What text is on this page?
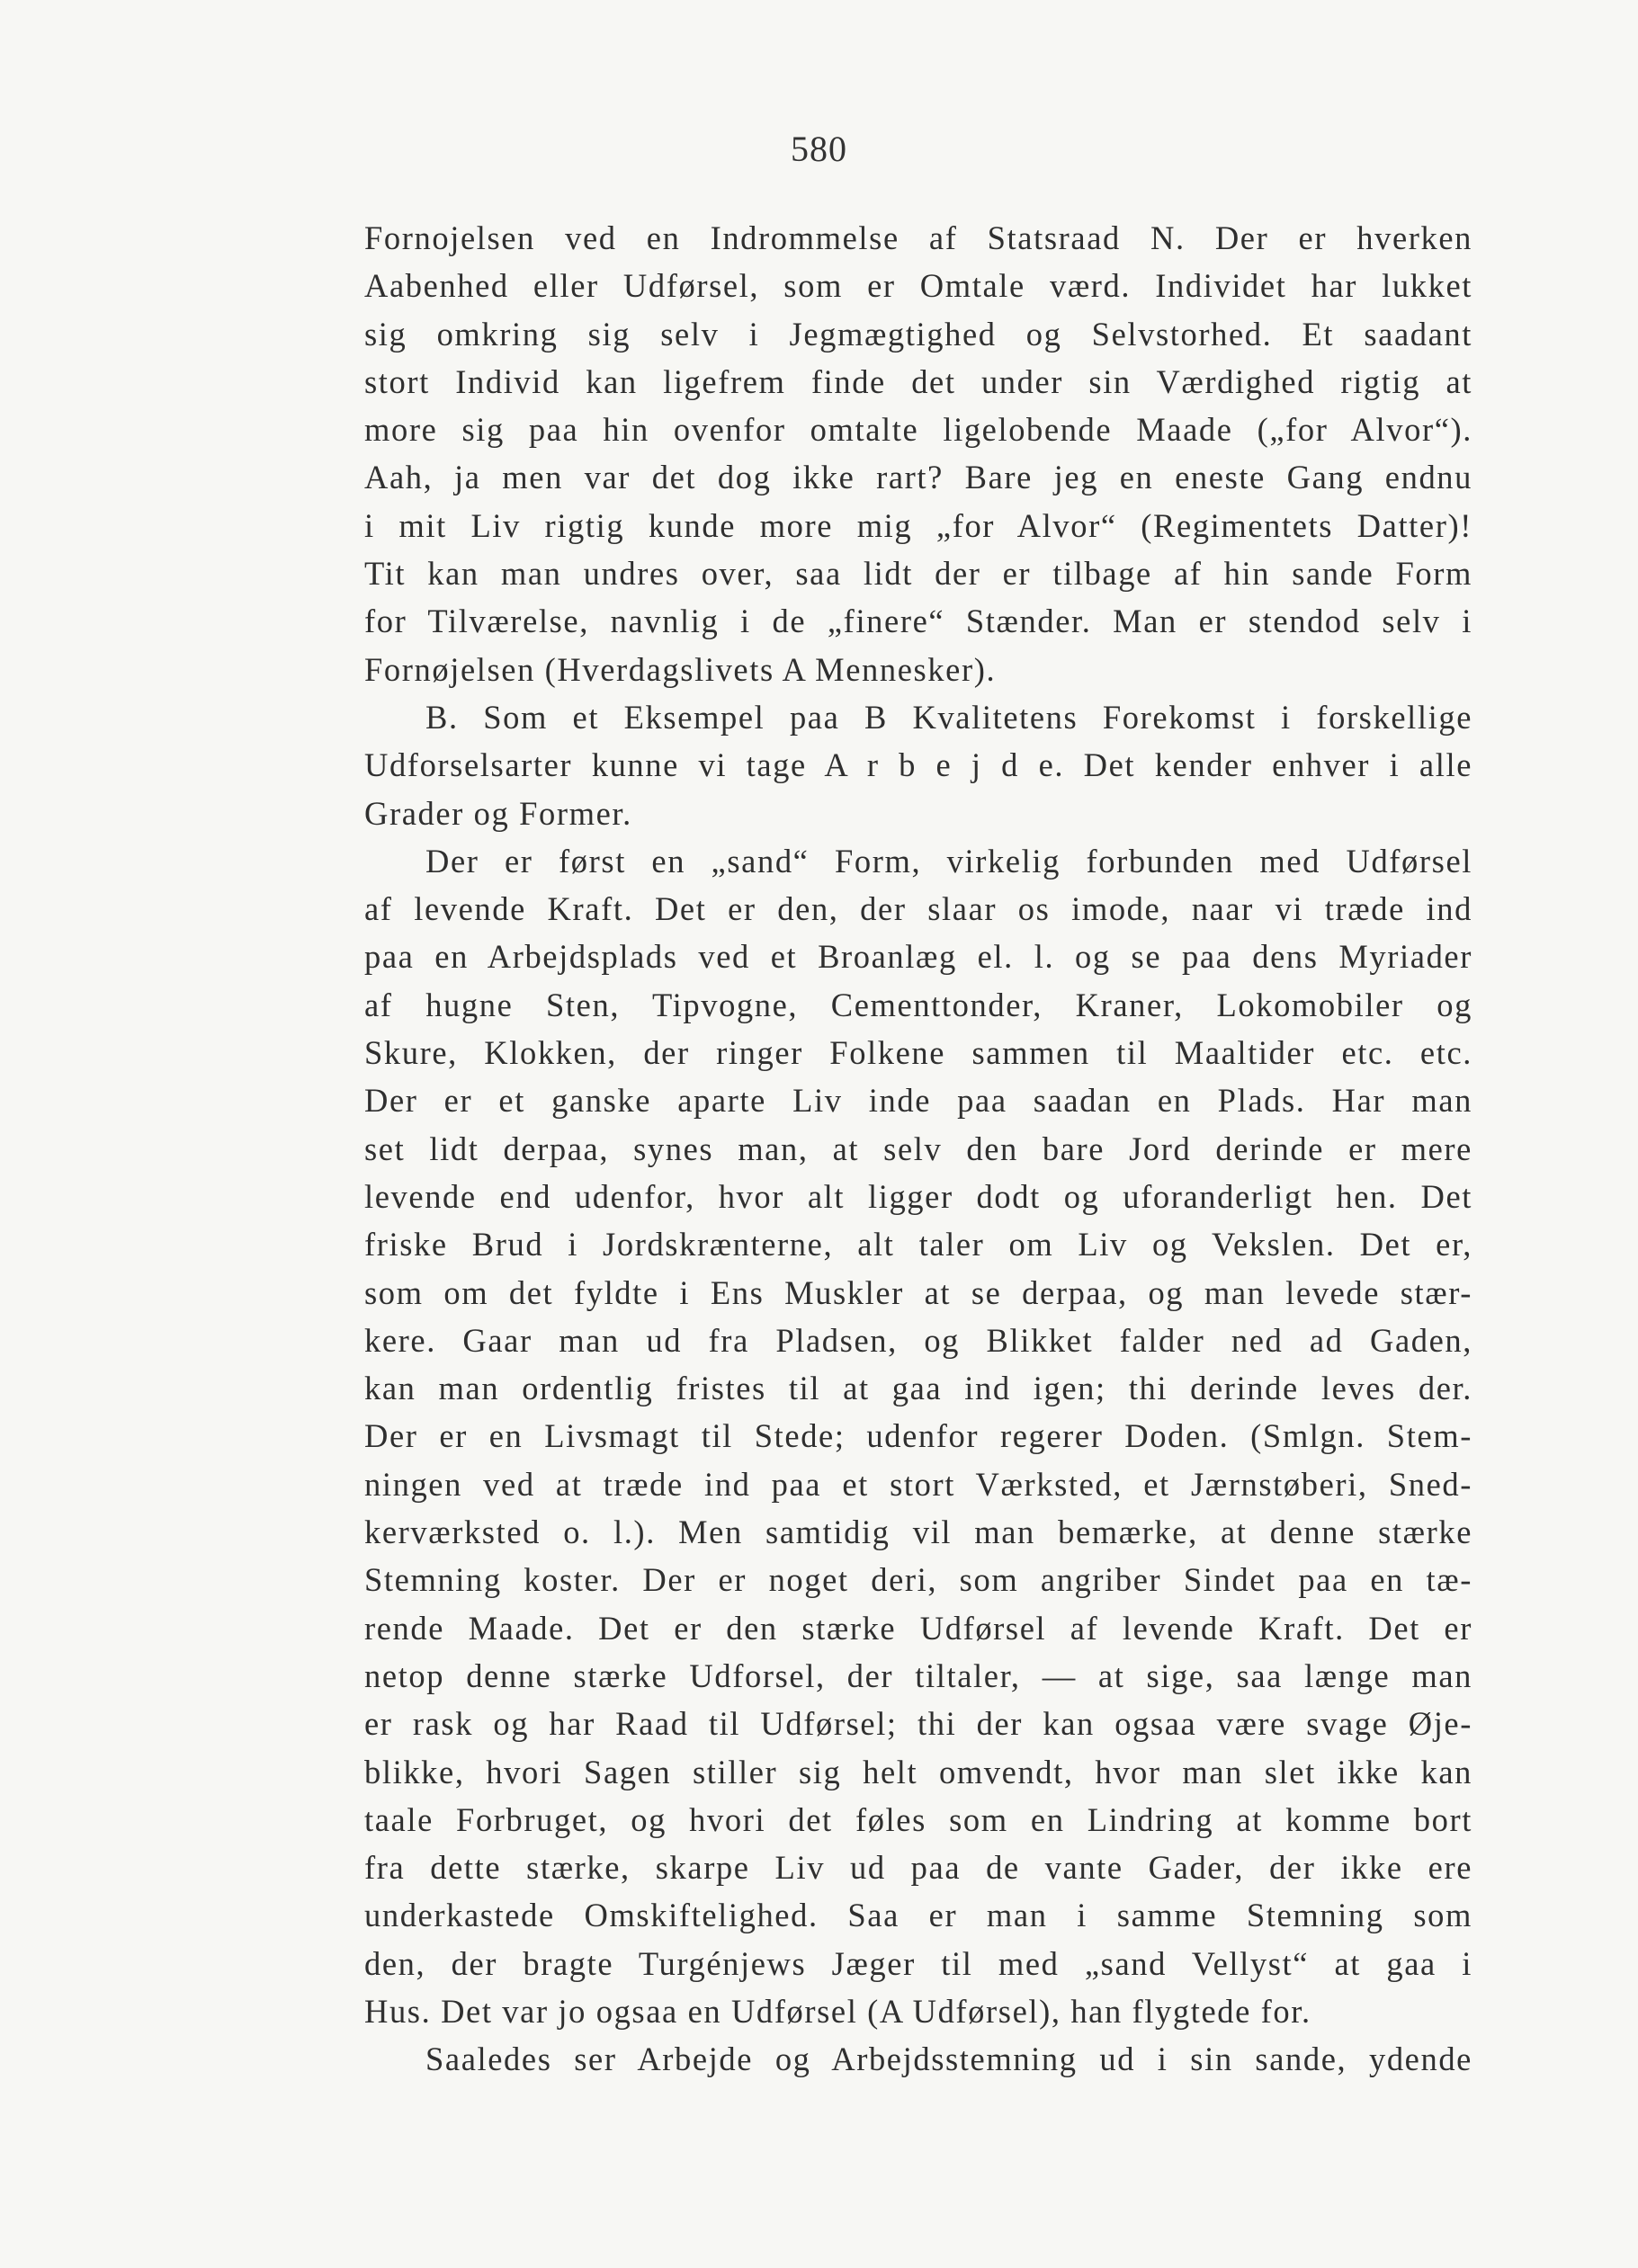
580
Fornojelsen ved en Indrommelse af Statsraad N. Der er hverken
Aabenhed eller Udførsel, som er Omtale værd. Individet har lukket
sig omkring sig selv i Jegmægtighed og Selvstorhed. Et saadant
stort Individ kan ligefrem finde det under sin Værdighed rigtig at
more sig paa hin ovenfor omtalte ligelobende Maade („for Alvor“).
Aah, ja men var det dog ikke rart? Bare jeg en eneste Gang endnu
i mit Liv rigtig kunde more mig „for Alvor“ (Regimentets Datter)!
Tit kan man undres over, saa lidt der er tilbage af hin sande Form
for Tilværelse, navnlig i de „finere“ Stænder. Man er stendod selv i
Fornøjelsen (Hverdagslivets A Mennesker).
B. Som et Eksempel paa B Kvalitetens Forekomst i forskellige
Udforselsarter kunne vi tage A r b e j d e. Det kender enhver i alle
Grader og Former.
Der er først en „sand“ Form, virkelig forbunden med Udførsel
af levende Kraft. Det er den, der slaar os imode, naar vi træde ind
paa en Arbejdsplads ved et Broanlæg el. l. og se paa dens Myriader
af hugne Sten, Tipvogne, Cementtonder, Kraner, Lokomobiler og
Skure, Klokken, der ringer Folkene sammen til Maaltider etc. etc.
Der er et ganske aparte Liv inde paa saadan en Plads. Har man
set lidt derpaa, synes man, at selv den bare Jord derinde er mere
levende end udenfor, hvor alt ligger dodt og uforanderligt hen. Det
friske Brud i Jordskrænterne, alt taler om Liv og Vekslen. Det er,
som om det fyldte i Ens Muskler at se derpaa, og man levede stær-
kere. Gaar man ud fra Pladsen, og Blikket falder ned ad Gaden,
kan man ordentlig fristes til at gaa ind igen; thi derinde leves der.
Der er en Livsmagt til Stede; udenfor regerer Doden. (Smlgn. Stem-
ningen ved at træde ind paa et stort Værksted, et Jærnstøberi, Sned-
kerværksted o. l.). Men samtidig vil man bemærke, at denne stærke
Stemning koster. Der er noget deri, som angriber Sindet paa en tæ-
rende Maade. Det er den stærke Udførsel af levende Kraft. Det er
netop denne stærke Udforsel, der tiltaler, — at sige, saa længe man
er rask og har Raad til Udførsel; thi der kan ogsaa være svage Øje-
blikke, hvori Sagen stiller sig helt omvendt, hvor man slet ikke kan
taale Forbruget, og hvori det føles som en Lindring at komme bort
fra dette stærke, skarpe Liv ud paa de vante Gader, der ikke ere
underkastede Omskiftelighed. Saa er man i samme Stemning som
den, der bragte Turgénjews Jæger til med „sand Vellyst“ at gaa i
Hus. Det var jo ogsaa en Udførsel (A Udførsel), han flygtede for.
Saaledes ser Arbejde og Arbejdsstemning ud i sin sande, ydende
